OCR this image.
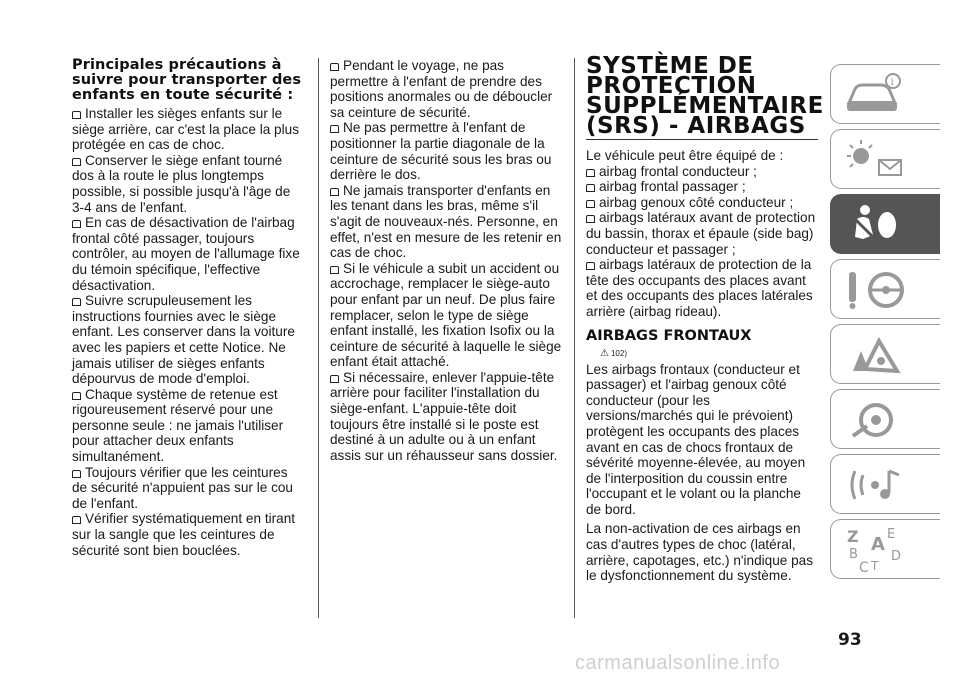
Principales précautions à suivre pour transporter des enfants en toute sécurité :
Installer les sièges enfants sur le siège arrière, car c'est la place la plus protégée en cas de choc.
Conserver le siège enfant tourné dos à la route le plus longtemps possible, si possible jusqu'à l'âge de 3-4 ans de l'enfant.
En cas de désactivation de l'airbag frontal côté passager, toujours contrôler, au moyen de l'allumage fixe du témoin spécifique, l'effective désactivation.
Suivre scrupuleusement les instructions fournies avec le siège enfant. Les conserver dans la voiture avec les papiers et cette Notice. Ne jamais utiliser de sièges enfants dépourvus de mode d'emploi.
Chaque système de retenue est rigoureusement réservé pour une personne seule : ne jamais l'utiliser pour attacher deux enfants simultanément.
Toujours vérifier que les ceintures de sécurité n'appuient pas sur le cou de l'enfant.
Vérifier systématiquement en tirant sur la sangle que les ceintures de sécurité sont bien bouclées.
Pendant le voyage, ne pas permettre à l'enfant de prendre des positions anormales ou de déboucler sa ceinture de sécurité.
Ne pas permettre à l'enfant de positionner la partie diagonale de la ceinture de sécurité sous les bras ou derrière le dos.
Ne jamais transporter d'enfants en les tenant dans les bras, même s'il s'agit de nouveaux-nés. Personne, en effet, n'est en mesure de les retenir en cas de choc.
Si le véhicule a subit un accident ou accrochage, remplacer le siège-auto pour enfant par un neuf. De plus faire remplacer, selon le type de siège enfant installé, les fixation Isofix ou la ceinture de sécurité à laquelle le siège enfant était attaché.
Si nécessaire, enlever l'appuie-tête arrière pour faciliter l'installation du siège-enfant. L'appuie-tête doit toujours être installé si le poste est destiné à un adulte ou à un enfant assis sur un réhausseur sans dossier.
SYSTÈME DE
PROTECTION
SUPPLÉMENTAIRE
(SRS) - AIRBAGS

Le véhicule peut être équipé de :

airbag frontal conducteur ;
airbag frontal passager ;
airbag genoux côté conducteur ;
airbags latéraux avant de protection du bassin, thorax et épaule (side bag) conducteur et passager ;
airbags latéraux de protection de la tête des occupants des places avant et des occupants des places latérales arrière (airbag rideau).
AIRBAGS FRONTAUX
⚠ 102)

Les airbags frontaux (conducteur et passager) et l'airbag genoux côté conducteur (pour les versions/marchés qui le prévoient) protègent les occupants des places avant en cas de chocs frontaux de sévérité moyenne-élevée, au moyen de l'interposition du coussin entre l'occupant et le volant ou la planche de bord.

La non-activation de ces airbags en cas d'autres types de choc (latéral, arrière, capotages, etc.) n'indique pas le dysfonctionnement du système.

i
Z E
A
B
C
D
T
93
carmanualsonline.info
